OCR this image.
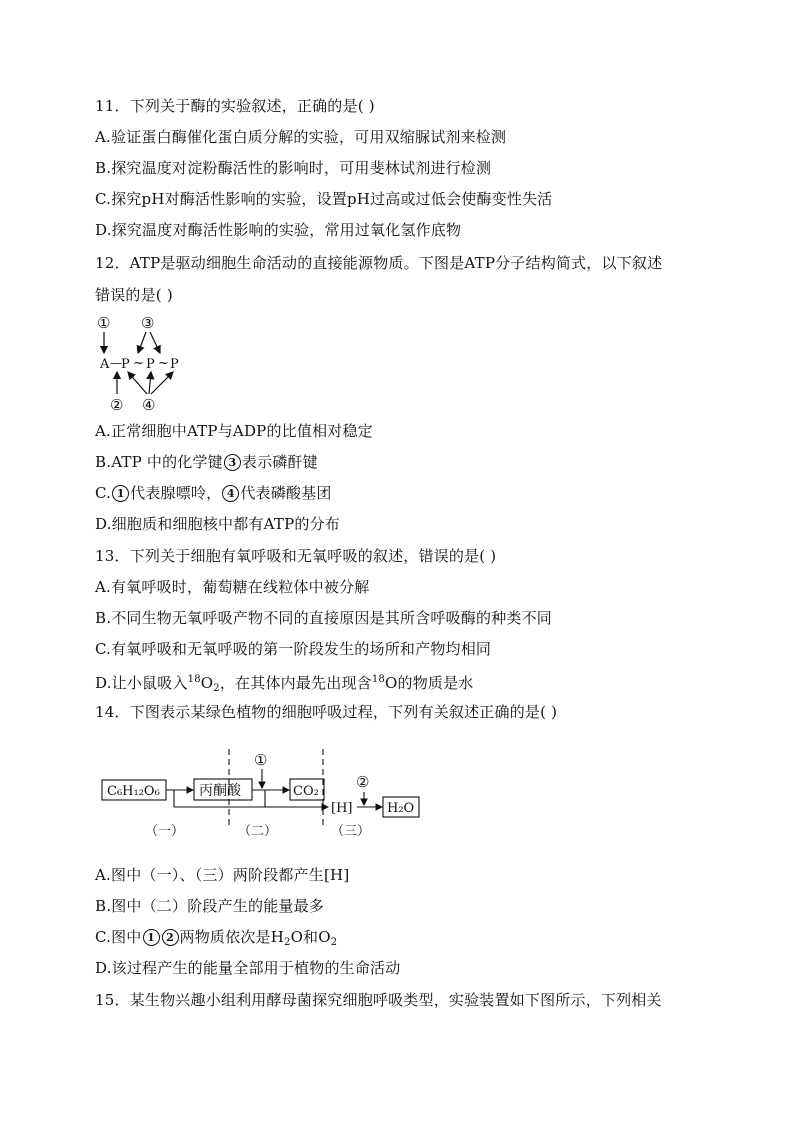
11．下列关于酶的实验叙述，正确的是( )
A.验证蛋白酶催化蛋白质分解的实验，可用双缩脲试剂来检测
B.探究温度对淀粉酶活性的影响时，可用斐林试剂进行检测
C.探究pH对酶活性影响的实验，设置pH过高或过低会使酶变性失活
D.探究温度对酶活性影响的实验，常用过氧化氢作底物
12．ATP是驱动细胞生命活动的直接能源物质。下图是ATP分子结构简式，以下叙述
错误的是( )
① ③
A — P ~ P ~ P
② ④
A.正常细胞中ATP与ADP的比值相对稳定
B.ATP 中的化学键 3 表示磷酐键
C. 1 代表腺嘌呤， 4 代表磷酸基团
D.细胞质和细胞核中都有ATP的分布
13．下列关于细胞有氧呼吸和无氧呼吸的叙述，错误的是( )
A.有氧呼吸时，葡萄糖在线粒体中被分解
B.不同生物无氧呼吸产物不同的直接原因是其所含呼吸酶的种类不同
C.有氧呼吸和无氧呼吸的第一阶段发生的场所和产物均相同
D.让小鼠吸入$^{18}O_2$，在其体内最先出现含$^{18}$O的物质是水
14．下图表示某绿色植物的细胞呼吸过程，下列有关叙述正确的是( )
C₆H₁₂O₆	丙酮酸
①
CO₂
[H]
②
H₂O
（一）	（二）	（三）
A.图中（一）、（三）两阶段都产生[H]
B.图中（二）阶段产生的能量最多
C.图中 1 2 两物质依次是$H_2O$和$O_2$
D.该过程产生的能量全部用于植物的生命活动
15．某生物兴趣小组利用酵母菌探究细胞呼吸类型，实验装置如下图所示，下列相关
